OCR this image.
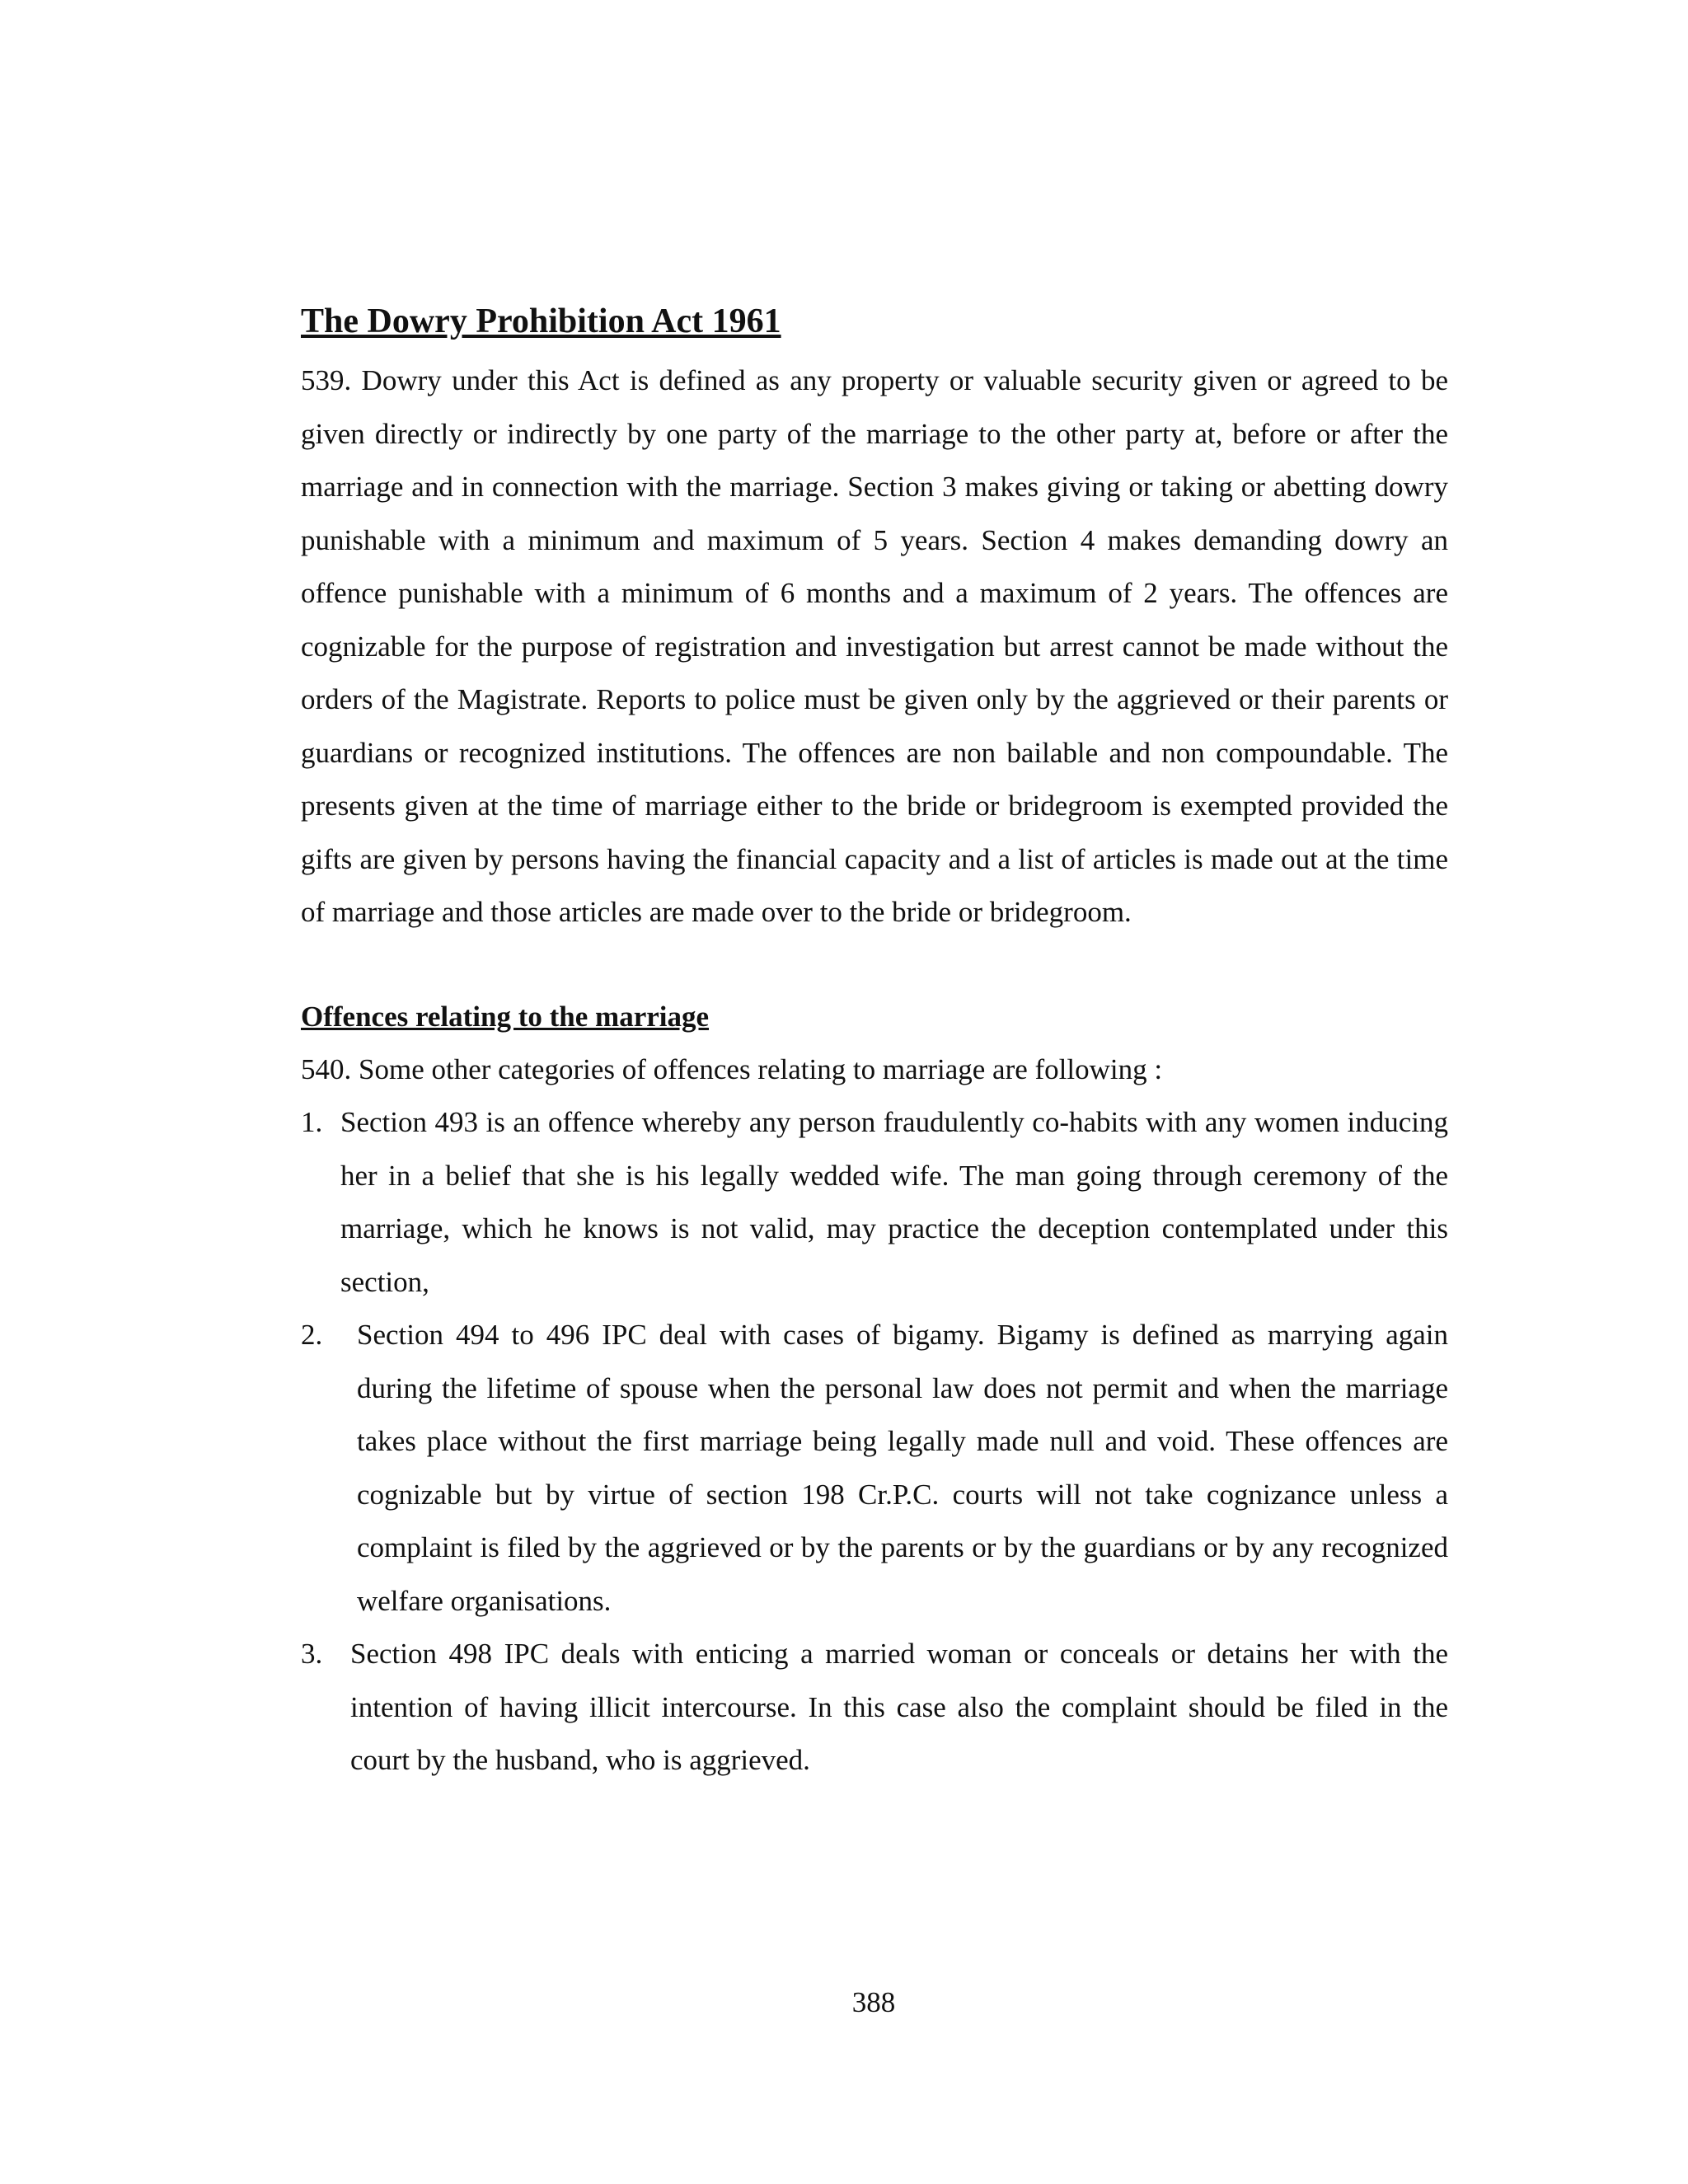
The Dowry Prohibition Act 1961

539. Dowry under this Act is defined as any property or valuable security given or agreed to be given directly or indirectly by one party of the marriage to the other party at, before or after the marriage and in connection with the marriage. Section 3 makes giving or taking or abetting dowry punishable with a minimum and maximum of 5 years. Section 4 makes demanding dowry an offence punishable with a minimum of 6 months and a maximum of 2 years. The offences are cognizable for the purpose of registration and investigation but arrest cannot be made without the orders of the Magistrate. Reports to police must be given only by the aggrieved or their parents or guardians or recognized institutions. The offences are non bailable and non compoundable. The presents given at the time of marriage either to the bride or bridegroom is exempted provided the gifts are given by persons having the financial capacity and a list of articles is made out at the time of marriage and those articles are made over to the bride or bridegroom.

Offences relating to the marriage

540. Some other categories of offences relating to marriage are following :

1. Section 493 is an offence whereby any person fraudulently co-habits with any women inducing her in a belief that she is his legally wedded wife. The man going through ceremony of the marriage, which he knows is not valid, may practice the deception contemplated under this section,
2. Section 494 to 496 IPC deal with cases of bigamy. Bigamy is defined as marrying again during the lifetime of spouse when the personal law does not permit and when the marriage takes place without the first marriage being legally made null and void. These offences are cognizable but by virtue of section 198 Cr.P.C. courts will not take cognizance unless a complaint is filed by the aggrieved or by the parents or by the guardians or by any recognized welfare organisations.
3. Section 498 IPC deals with enticing a married woman or conceals or detains her with the intention of having illicit intercourse. In this case also the complaint should be filed in the court by the husband, who is aggrieved.
388
